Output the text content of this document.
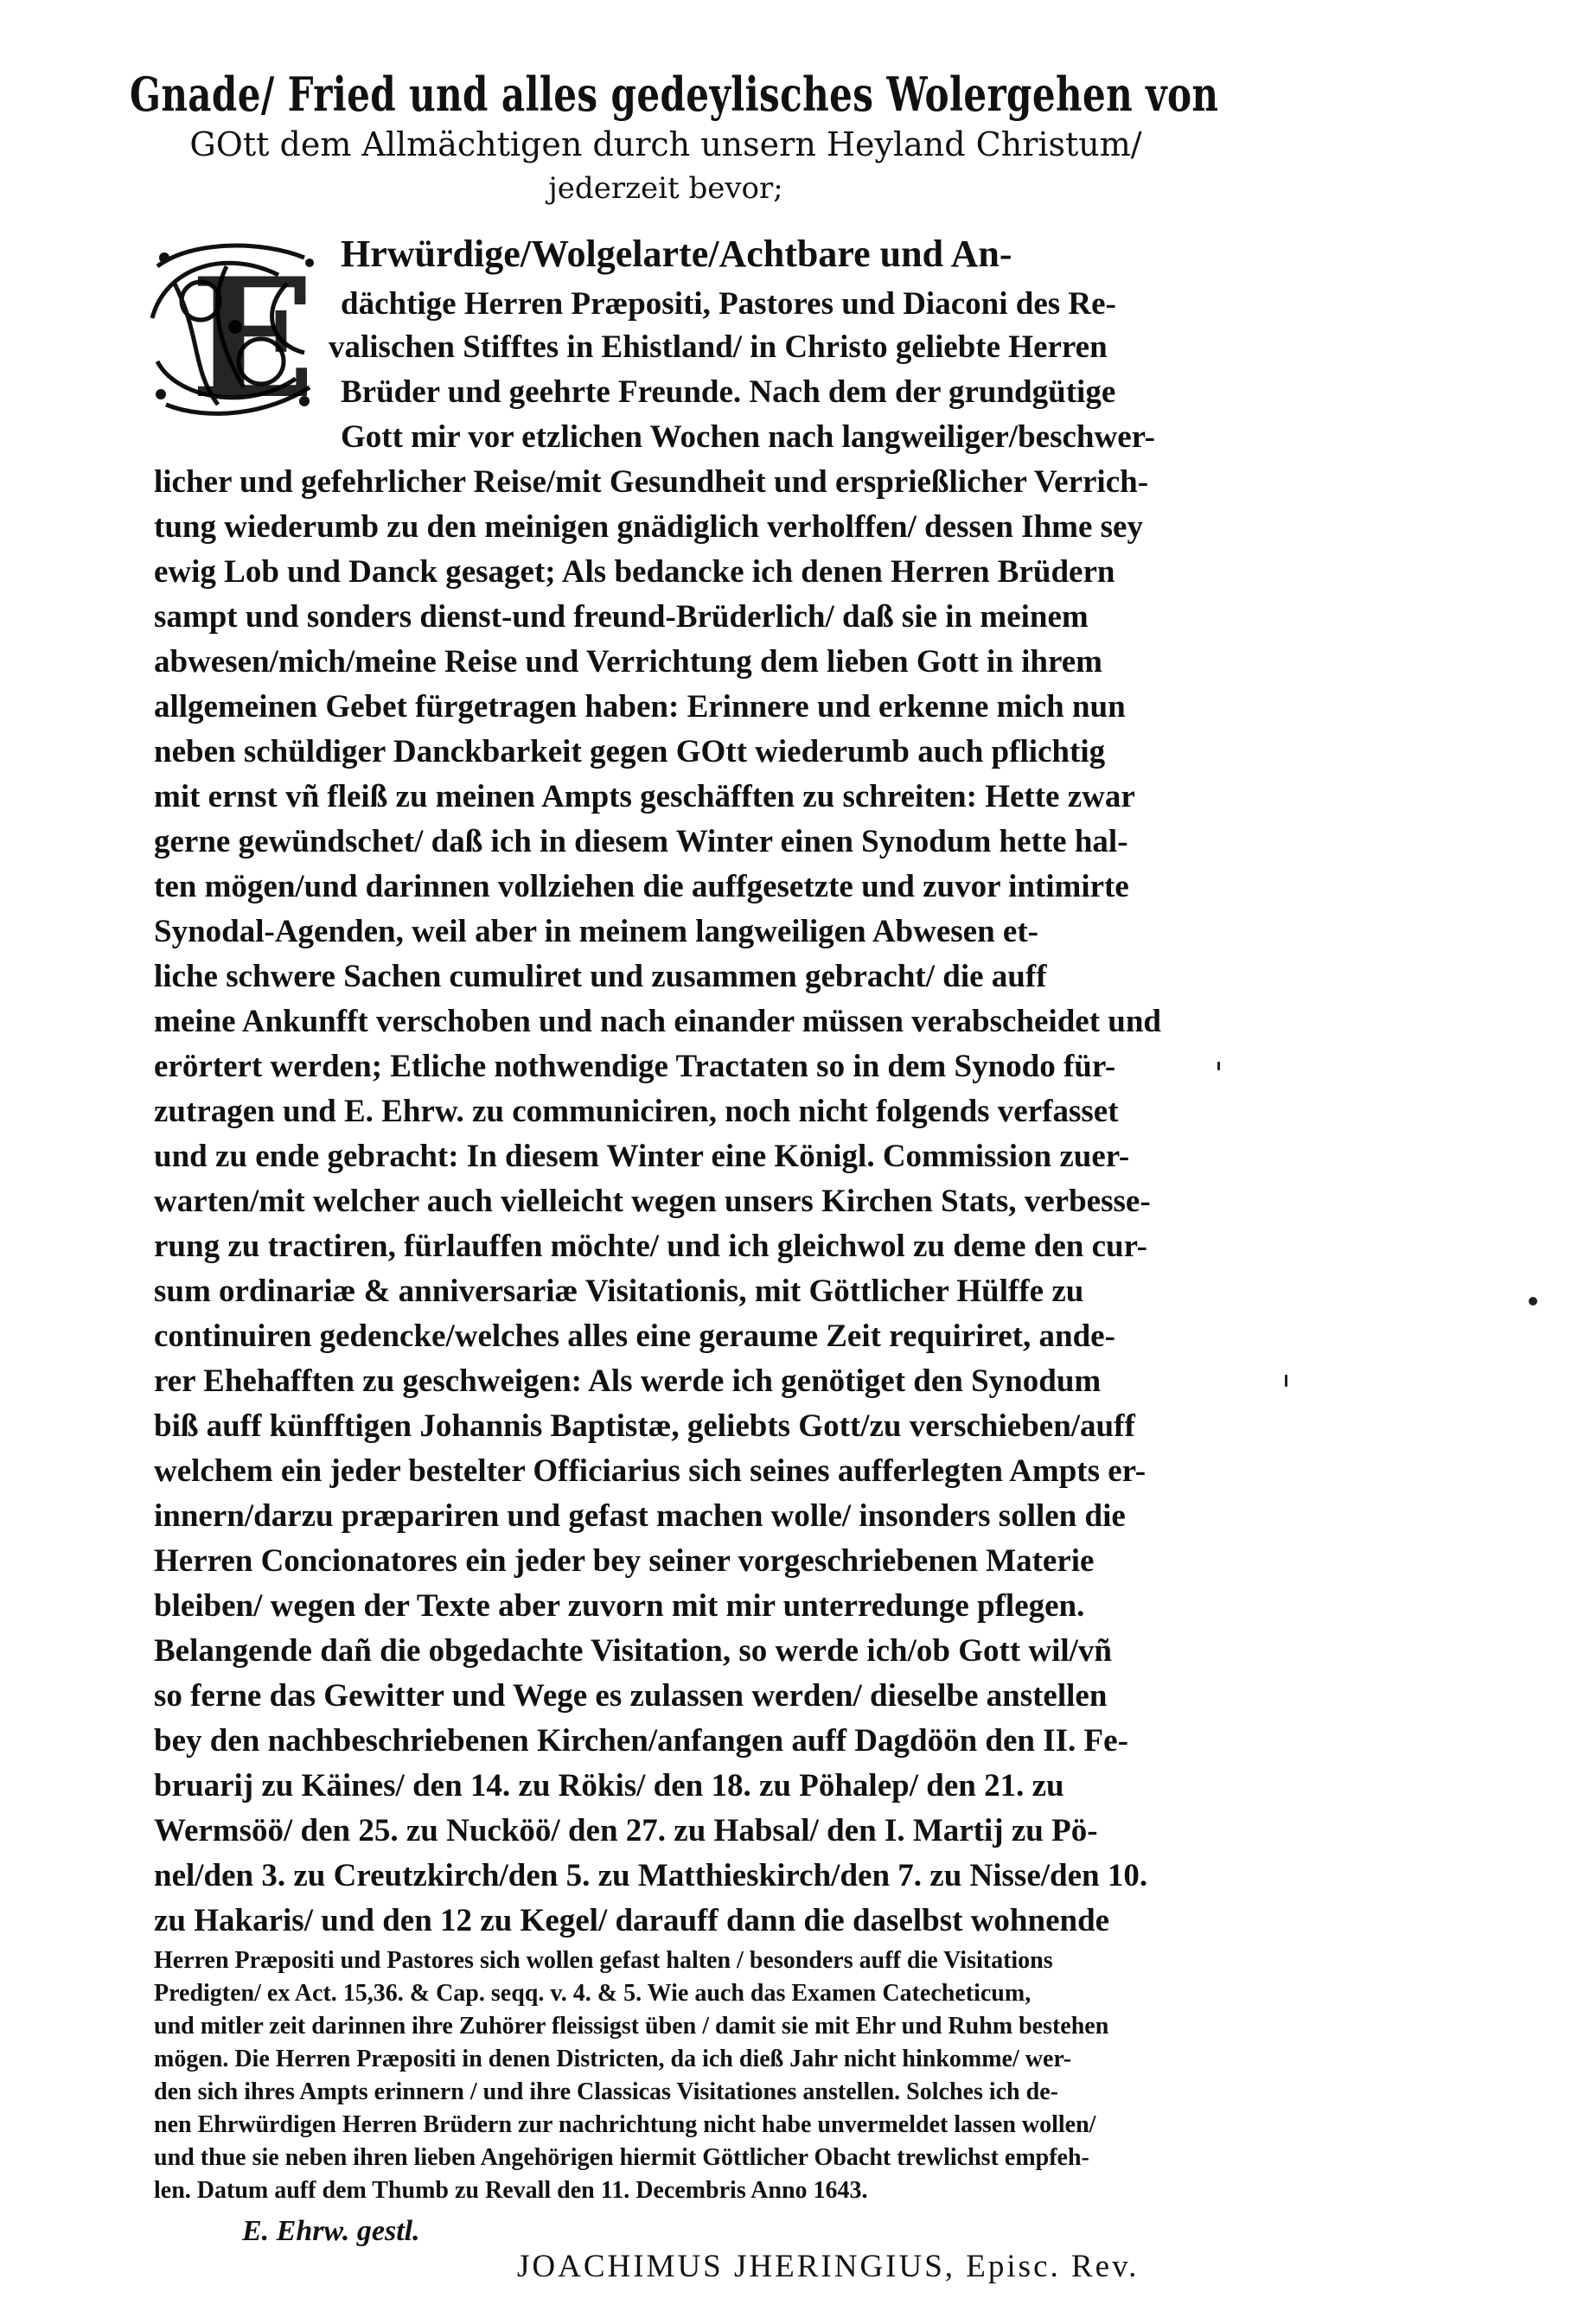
Gnade/ Fried und alles gedeylisches Wolergehen von
GOtt dem Allmächtigen durch unsern Heyland Christum/
jederzeit bevor;
E Hrwürdige/Wolgelarte/Achtbare und An-
dächtige Herren Præpositi, Pastores und Diaconi des Re-
valischen Stifftes in Ehistland/ in Christo geliebte Herren
Brüder und geehrte Freunde. Nach dem der grundgütige
Gott mir vor etzlichen Wochen nach langweiliger/beschwer-
licher und gefehrlicher Reise/mit Gesundheit und ersprießlicher Verrich-
tung wiederumb zu den meinigen gnädiglich verholffen/ dessen Ihme sey
ewig Lob und Danck gesaget; Als bedancke ich denen Herren Brüdern
sampt und sonders dienst-und freund-Brüderlich/ daß sie in meinem
abwesen/mich/meine Reise und Verrichtung dem lieben Gott in ihrem
allgemeinen Gebet fürgetragen haben: Erinnere und erkenne mich nun
neben schüldiger Danckbarkeit gegen GOtt wiederumb auch pflichtig
mit ernst vñ fleiß zu meinen Ampts geschäfften zu schreiten: Hette zwar
gerne gewündschet/ daß ich in diesem Winter einen Synodum hette hal-
ten mögen/und darinnen vollziehen die auffgesetzte und zuvor intimirte
Synodal-Agenden, weil aber in meinem langweiligen Abwesen et-
liche schwere Sachen cumuliret und zusammen gebracht/ die auff
meine Ankunfft verschoben und nach einander müssen verabscheidet und
erörtert werden; Etliche nothwendige Tractaten so in dem Synodo für-
zutragen und E. Ehrw. zu communiciren, noch nicht folgends verfasset
und zu ende gebracht: In diesem Winter eine Königl. Commission zuer-
warten/mit welcher auch vielleicht wegen unsers Kirchen Stats, verbesse-
rung zu tractiren, fürlauffen möchte/ und ich gleichwol zu deme den cur-
sum ordinariæ & anniversariæ Visitationis, mit Göttlicher Hülffe zu
continuiren gedencke/welches alles eine geraume Zeit requiriret, ande-
rer Ehehafften zu geschweigen: Als werde ich genötiget den Synodum
biß auff künfftigen Johannis Baptistæ, geliebts Gott/zu verschieben/auff
welchem ein jeder bestelter Officiarius sich seines aufferlegten Ampts er-
innern/darzu præpariren und gefast machen wolle/ insonders sollen die
Herren Concionatores ein jeder bey seiner vorgeschriebenen Materie
bleiben/ wegen der Texte aber zuvorn mit mir unterredunge pflegen.
Belangende dañ die obgedachte Visitation, so werde ich/ob Gott wil/vñ
so ferne das Gewitter und Wege es zulassen werden/ dieselbe anstellen
bey den nachbeschriebenen Kirchen/anfangen auff Dagdöön den II. Fe-
bruarij zu Käines/ den 14. zu Rökis/ den 18. zu Pöhalep/ den 21. zu
Wermsöö/ den 25. zu Nucköö/ den 27. zu Habsal/ den I. Martij zu Pö-
nel/den 3. zu Creutzkirch/den 5. zu Matthieskirch/den 7. zu Nisse/den 10.
zu Hakaris/ und den 12 zu Kegel/ darauff dann die daselbst wohnende
Herren Præpositi und Pastores sich wollen gefast halten / besonders auff die Visitations
Predigten/ ex Act. 15,36. & Cap. seqq. v. 4. & 5. Wie auch das Examen Catecheticum,
und mitler zeit darinnen ihre Zuhörer fleissigst üben / damit sie mit Ehr und Ruhm bestehen
mögen. Die Herren Præpositi in denen Districten, da ich dieß Jahr nicht hinkomme/ wer-
den sich ihres Ampts erinnern / und ihre Classicas Visitationes anstellen. Solches ich de-
nen Ehrwürdigen Herren Brüdern zur nachrichtung nicht habe unvermeldet lassen wollen/
und thue sie neben ihren lieben Angehörigen hiermit Göttlicher Obacht trewlichst empfeh-
len. Datum auff dem Thumb zu Revall den 11. Decembris Anno 1643.
E. Ehrw. gestl.
JOACHIMUS JHERINGIUS, Episc. Rev.
